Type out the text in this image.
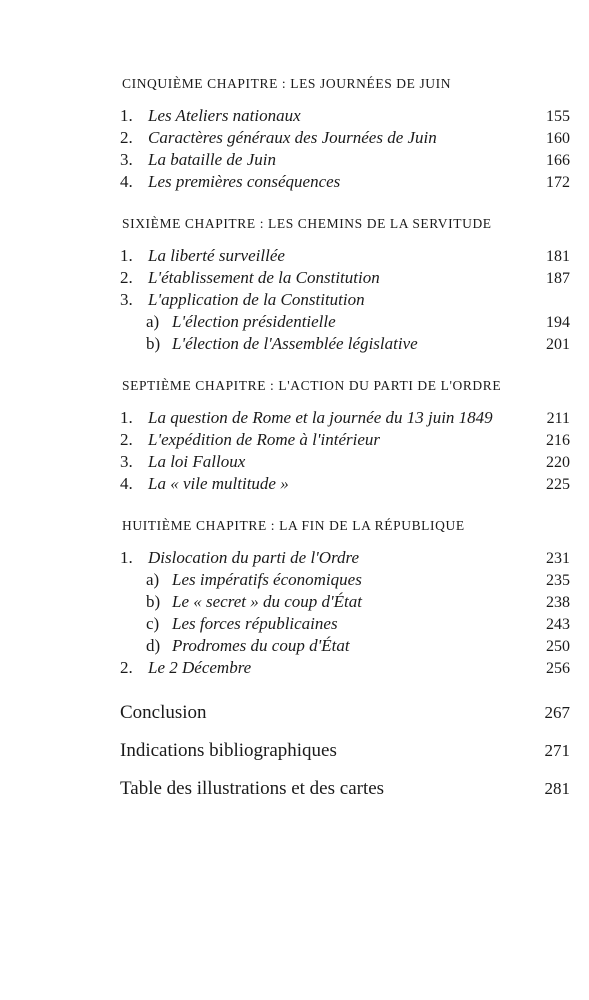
CINQUIÈME CHAPITRE : LES JOURNÉES DE JUIN
1. Les Ateliers nationaux	155
2. Caractères généraux des Journées de Juin	160
3. La bataille de Juin	166
4. Les premières conséquences	172
SIXIÈME CHAPITRE : LES CHEMINS DE LA SERVITUDE
1. La liberté surveillée	181
2. L'établissement de la Constitution	187
3. L'application de la Constitution
a) L'élection présidentielle	194
b) L'élection de l'Assemblée législative	201
SEPTIÈME CHAPITRE : L'ACTION DU PARTI DE L'ORDRE
1. La question de Rome et la journée du 13 juin 1849	211
2. L'expédition de Rome à l'intérieur	216
3. La loi Falloux	220
4. La « vile multitude »	225
HUITIÈME CHAPITRE : LA FIN DE LA RÉPUBLIQUE
1. Dislocation du parti de l'Ordre	231
a) Les impératifs économiques	235
b) Le « secret » du coup d'État	238
c) Les forces républicaines	243
d) Prodromes du coup d'État	250
2. Le 2 Décembre	256
Conclusion	267
Indications bibliographiques	271
Table des illustrations et des cartes	281
